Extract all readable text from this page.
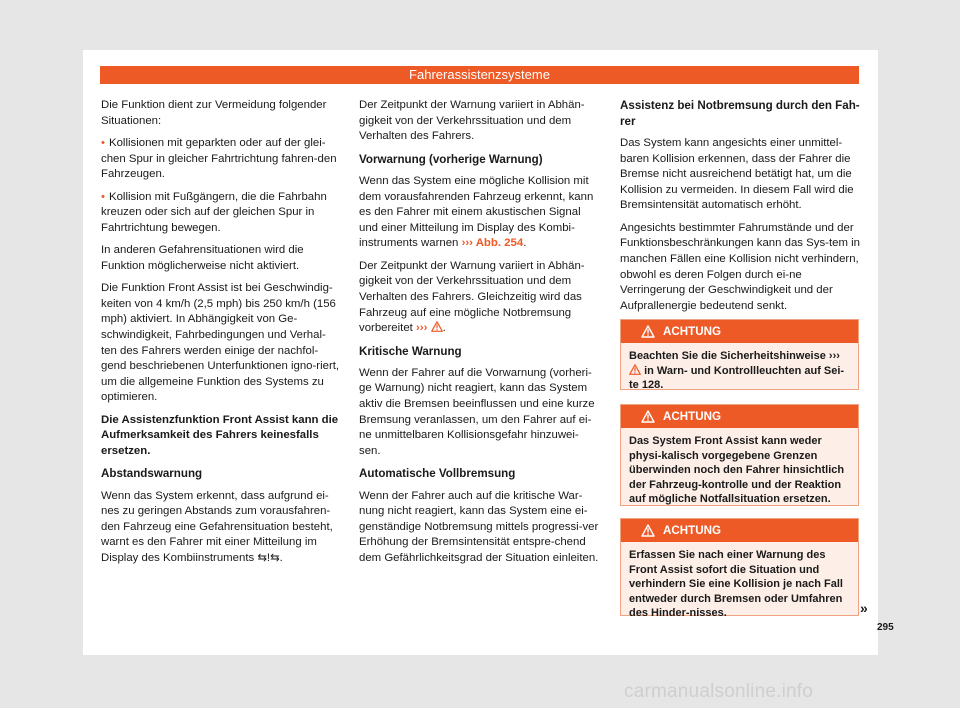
Fahrerassistenzsysteme

Die Funktion dient zur Vermeidung folgender Situationen:

• Kollisionen mit geparkten oder auf der glei-chen Spur in gleicher Fahrtrichtung fahren-den Fahrzeugen.

• Kollision mit Fußgängern, die die Fahrbahn kreuzen oder sich auf der gleichen Spur in Fahrtrichtung bewegen.

In anderen Gefahrensituationen wird die Funktion möglicherweise nicht aktiviert.

Die Funktion Front Assist ist bei Geschwindig-keiten von 4 km/h (2,5 mph) bis 250 km/h (156 mph) aktiviert. In Abhängigkeit von Ge-schwindigkeit, Fahrbedingungen und Verhal-ten des Fahrers werden einige der nachfol-gend beschriebenen Unterfunktionen igno-riert, um die allgemeine Funktion des Systems zu optimieren.

Die Assistenzfunktion Front Assist kann die Aufmerksamkeit des Fahrers keinesfalls ersetzen.

Abstandswarnung

Wenn das System erkennt, dass aufgrund ei-nes zu geringen Abstands zum vorausfahren-den Fahrzeug eine Gefahrensituation besteht, warnt es den Fahrer mit einer Mitteilung im Display des Kombiinstruments ⇆!⇆.

Der Zeitpunkt der Warnung variiert in Abhän-gigkeit von der Verkehrssituation und dem Verhalten des Fahrers.

Vorwarnung (vorherige Warnung)

Wenn das System eine mögliche Kollision mit dem vorausfahrenden Fahrzeug erkennt, kann es den Fahrer mit einem akustischen Signal und einer Mitteilung im Display des Kombi-instruments warnen ››› Abb. 254.

Der Zeitpunkt der Warnung variiert in Abhän-gigkeit von der Verkehrssituation und dem Verhalten des Fahrers. Gleichzeitig wird das Fahrzeug auf eine mögliche Notbremsung vorbereitet ››› .

Kritische Warnung

Wenn der Fahrer auf die Vorwarnung (vorheri-ge Warnung) nicht reagiert, kann das System aktiv die Bremsen beeinflussen und eine kurze Bremsung veranlassen, um den Fahrer auf ei-ne unmittelbaren Kollisionsgefahr hinzuwei-sen.

Automatische Vollbremsung

Wenn der Fahrer auch auf die kritische War-nung nicht reagiert, kann das System eine ei-genständige Notbremsung mittels progressi-ver Erhöhung der Bremsintensität entspre-chend dem Gefährlichkeitsgrad der Situation einleiten.

Assistenz bei Notbremsung durch den Fah-rer

Das System kann angesichts einer unmittel-baren Kollision erkennen, dass der Fahrer die Bremse nicht ausreichend betätigt hat, um die Kollision zu vermeiden. In diesem Fall wird die Bremsintensität automatisch erhöht.

Angesichts bestimmter Fahrumstände und der Funktionsbeschränkungen kann das Sys-tem in manchen Fällen eine Kollision nicht verhindern, obwohl es deren Folgen durch ei-ne Verringerung der Geschwindigkeit und der Aufprallenergie bedeutend senkt.

ACHTUNG
Beachten Sie die Sicherheitshinweise ›››  in Warn- und Kontrollleuchten auf Sei-te 128.
ACHTUNG
Das System Front Assist kann weder physi-kalisch vorgegebene Grenzen überwinden noch den Fahrer hinsichtlich der Fahrzeug-kontrolle und der Reaktion auf mögliche Notfallsituation ersetzen.
ACHTUNG
Erfassen Sie nach einer Warnung des Front Assist sofort die Situation und verhindern Sie eine Kollision je nach Fall entweder durch Bremsen oder Umfahren des Hinder-nisses.	»
295
carmanualsonline.info
